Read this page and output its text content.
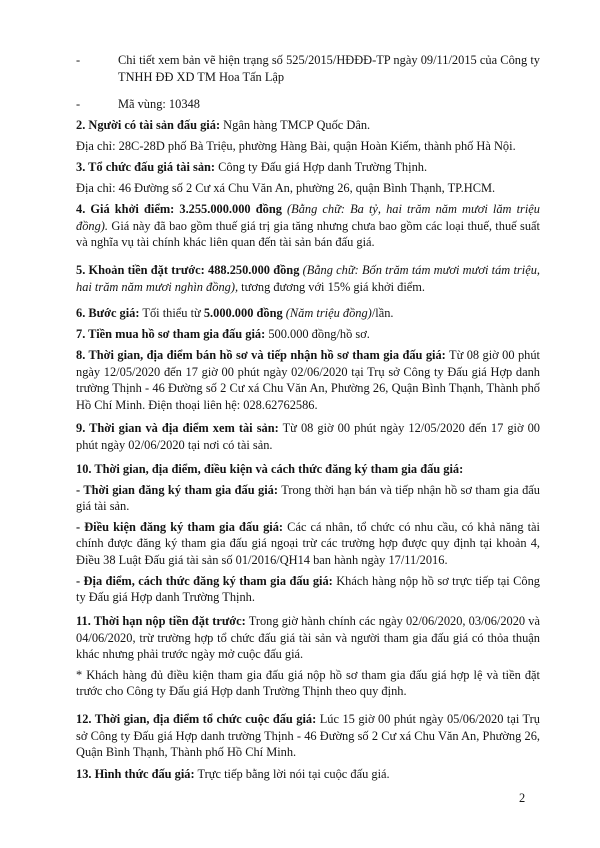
-	Chi tiết xem bản vẽ hiện trạng số 525/2015/HĐĐĐ-TP ngày 09/11/2015 của Công ty TNHH ĐĐ XD TM Hoa Tấn Lập
-	Mã vùng: 10348

2. Người có tài sản đấu giá: Ngân hàng TMCP Quốc Dân.

Địa chỉ: 28C-28D phố Bà Triệu, phường Hàng Bài, quận Hoàn Kiếm, thành phố Hà Nội.

3. Tổ chức đấu giá tài sản: Công ty Đấu giá Hợp danh Trường Thịnh.

Địa chỉ: 46 Đường số 2 Cư xá Chu Văn An, phường 26, quận Bình Thạnh, TP.HCM.

4. Giá khởi điểm: 3.255.000.000 đồng (Bằng chữ: Ba tỷ, hai trăm năm mươi lăm triệu đồng). Giá này đã bao gồm thuế giá trị gia tăng nhưng chưa bao gồm các loại thuế, thuế suất và nghĩa vụ tài chính khác liên quan đến tài sản bán đấu giá.

5. Khoản tiền đặt trước: 488.250.000 đồng (Bằng chữ: Bốn trăm tám mươi mươi tám triệu, hai trăm năm mươi nghìn đồng), tương đương với 15% giá khởi điểm.

6. Bước giá: Tối thiểu từ 5.000.000 đồng (Năm triệu đồng)/lần.

7. Tiền mua hồ sơ tham gia đấu giá: 500.000 đồng/hồ sơ.

8. Thời gian, địa điểm bán hồ sơ và tiếp nhận hồ sơ tham gia đấu giá: Từ 08 giờ 00 phút ngày 12/05/2020 đến 17 giờ 00 phút ngày 02/06/2020 tại Trụ sở Công ty Đấu giá Hợp danh trường Thịnh - 46 Đường số 2 Cư xá Chu Văn An, Phường 26, Quận Bình Thạnh, Thành phố Hồ Chí Minh. Điện thoại liên hệ: 028.62762586.

9. Thời gian và địa điểm xem tài sản: Từ 08 giờ 00 phút ngày 12/05/2020 đến 17 giờ 00 phút ngày 02/06/2020 tại nơi có tài sản.

10. Thời gian, địa điểm, điều kiện và cách thức đăng ký tham gia đấu giá:

- Thời gian đăng ký tham gia đấu giá: Trong thời hạn bán và tiếp nhận hồ sơ tham gia đấu giá tài sản.

- Điều kiện đăng ký tham gia đấu giá: Các cá nhân, tổ chức có nhu cầu, có khả năng tài chính được đăng ký tham gia đấu giá ngoại trừ các trường hợp được quy định tại khoản 4, Điều 38 Luật Đấu giá tài sản số 01/2016/QH14 ban hành ngày 17/11/2016.

- Địa điểm, cách thức đăng ký tham gia đấu giá: Khách hàng nộp hồ sơ trực tiếp tại Công ty Đấu giá Hợp danh Trường Thịnh.

11. Thời hạn nộp tiền đặt trước: Trong giờ hành chính các ngày 02/06/2020, 03/06/2020 và 04/06/2020, trừ trường hợp tổ chức đấu giá tài sản và người tham gia đấu giá có thỏa thuận khác nhưng phải trước ngày mở cuộc đấu giá.

* Khách hàng đủ điều kiện tham gia đấu giá nộp hồ sơ tham gia đấu giá hợp lệ và tiền đặt trước cho Công ty Đấu giá Hợp danh Trường Thịnh theo quy định.

12. Thời gian, địa điểm tổ chức cuộc đấu giá: Lúc 15 giờ 00 phút ngày 05/06/2020 tại Trụ sở Công ty Đấu giá Hợp danh trường Thịnh - 46 Đường số 2 Cư xá Chu Văn An, Phường 26, Quận Bình Thạnh, Thành phố Hồ Chí Minh.

13. Hình thức đấu giá: Trực tiếp bằng lời nói tại cuộc đấu giá.

2
